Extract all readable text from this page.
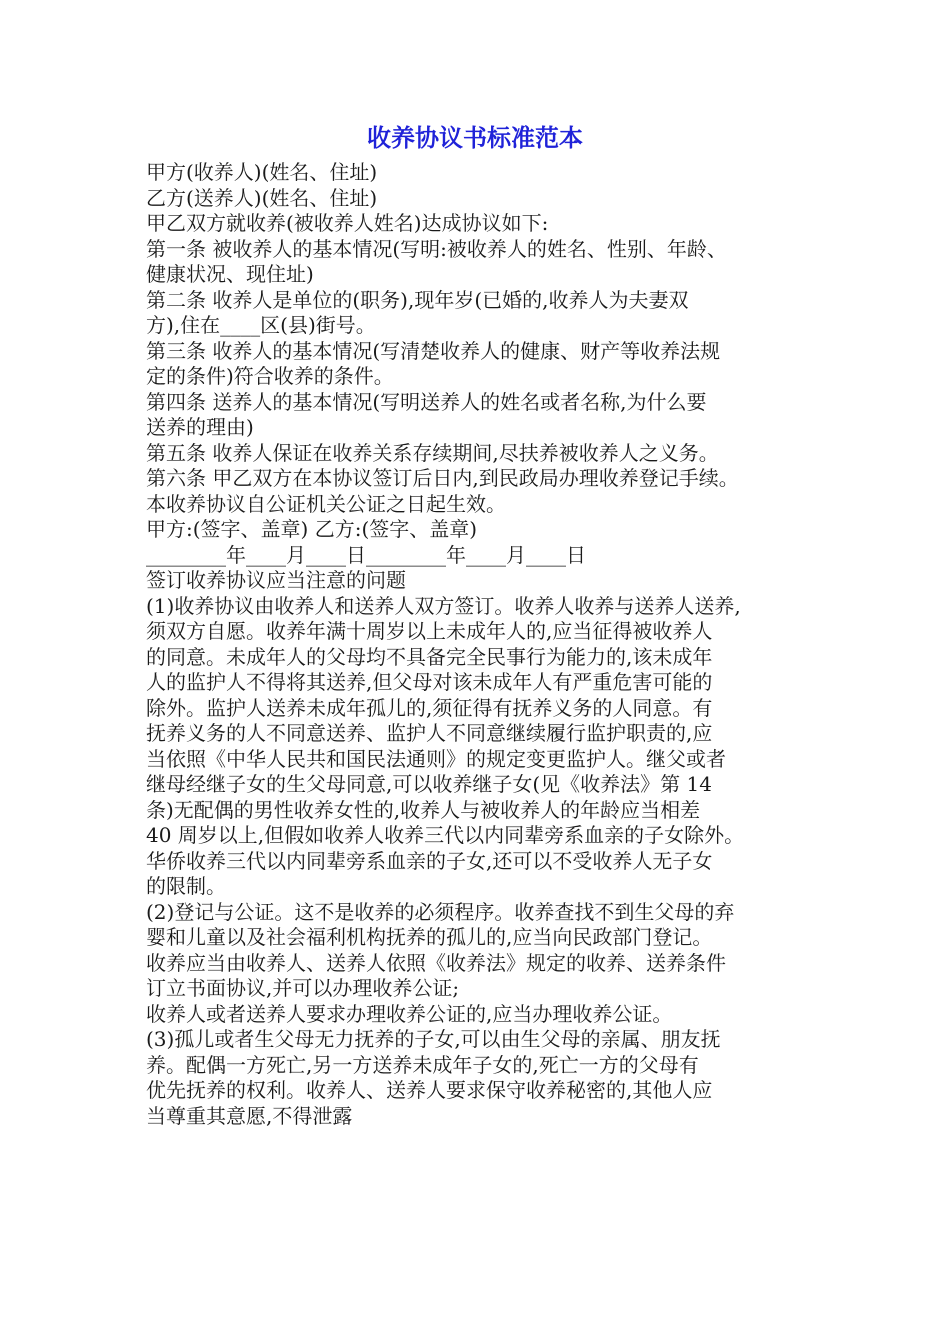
收养协议书标准范本

甲方(收养人)(姓名、住址)

乙方(送养人)(姓名、住址)

甲乙双方就收养(被收养人姓名)达成协议如下:

第一条 被收养人的基本情况(写明:被收养人的姓名、性别、年龄、

健康状况、现住址)

第二条 收养人是单位的(职务),现年岁(已婚的,收养人为夫妻双

方),住在____区(县)街号。

第三条 收养人的基本情况(写清楚收养人的健康、财产等收养法规

定的条件)符合收养的条件。

第四条 送养人的基本情况(写明送养人的姓名或者名称,为什么要

送养的理由)

第五条 收养人保证在收养关系存续期间,尽扶养被收养人之义务。

第六条 甲乙双方在本协议签订后日内,到民政局办理收养登记手续。

本收养协议自公证机关公证之日起生效。

甲方:(签字、盖章) 乙方:(签字、盖章)

________年____月____日________年____月____日

签订收养协议应当注意的问题

(1)收养协议由收养人和送养人双方签订。收养人收养与送养人送养,

须双方自愿。收养年满十周岁以上未成年人的,应当征得被收养人

的同意。未成年人的父母均不具备完全民事行为能力的,该未成年

人的监护人不得将其送养,但父母对该未成年人有严重危害可能的

除外。监护人送养未成年孤儿的,须征得有抚养义务的人同意。有

抚养义务的人不同意送养、监护人不同意继续履行监护职责的,应

当依照《中华人民共和国民法通则》的规定变更监护人。继父或者

继母经继子女的生父母同意,可以收养继子女(见《收养法》第 14

条)无配偶的男性收养女性的,收养人与被收养人的年龄应当相差

40 周岁以上,但假如收养人收养三代以内同辈旁系血亲的子女除外。

华侨收养三代以内同辈旁系血亲的子女,还可以不受收养人无子女

的限制。

(2)登记与公证。这不是收养的必须程序。收养查找不到生父母的弃

婴和儿童以及社会福利机构抚养的孤儿的,应当向民政部门登记。

收养应当由收养人、送养人依照《收养法》规定的收养、送养条件

订立书面协议,并可以办理收养公证;

收养人或者送养人要求办理收养公证的,应当办理收养公证。

(3)孤儿或者生父母无力抚养的子女,可以由生父母的亲属、朋友抚

养。配偶一方死亡,另一方送养未成年子女的,死亡一方的父母有

优先抚养的权利。收养人、送养人要求保守收养秘密的,其他人应

当尊重其意愿,不得泄露
